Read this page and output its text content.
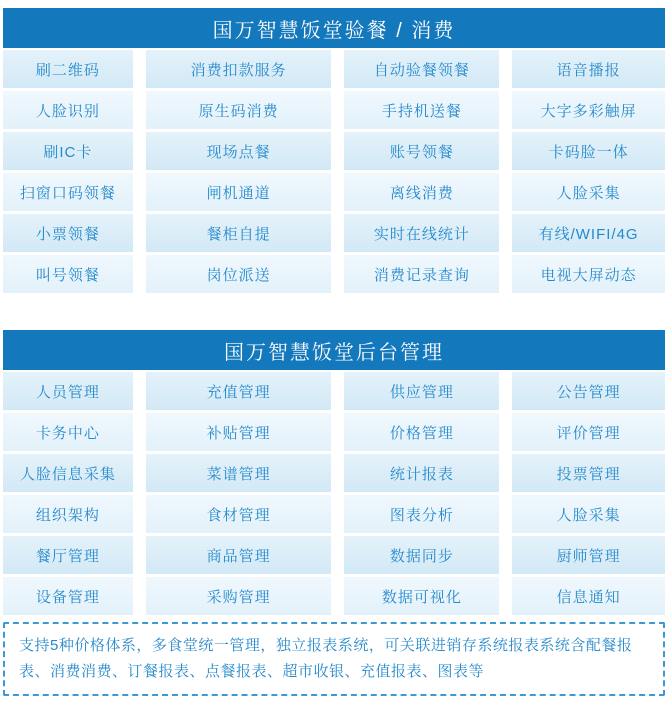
国万智慧饭堂验餐 / 消费
刷二维码	消费扣款服务	自动验餐领餐	语音播报
人脸识别	原生码消费	手持机送餐	大字多彩触屏
刷IC卡	现场点餐	账号领餐	卡码脸一体
扫窗口码领餐	闸机通道	离线消费	人脸采集
小票领餐	餐柜自提	实时在线统计	有线/WIFI/4G
叫号领餐	岗位派送	消费记录查询	电视大屏动态
国万智慧饭堂后台管理
人员管理	充值管理	供应管理	公告管理
卡务中心	补贴管理	价格管理	评价管理
人脸信息采集	菜谱管理	统计报表	投票管理
组织架构	食材管理	图表分析	人脸采集
餐厅管理	商品管理	数据同步	厨师管理
设备管理	采购管理	数据可视化	信息通知
支持5种价格体系，多食堂统一管理，独立报表系统，可关联进销存系统报表系统含配餐报表、消费消费、订餐报表、点餐报表、超市收银、充值报表、图表等
